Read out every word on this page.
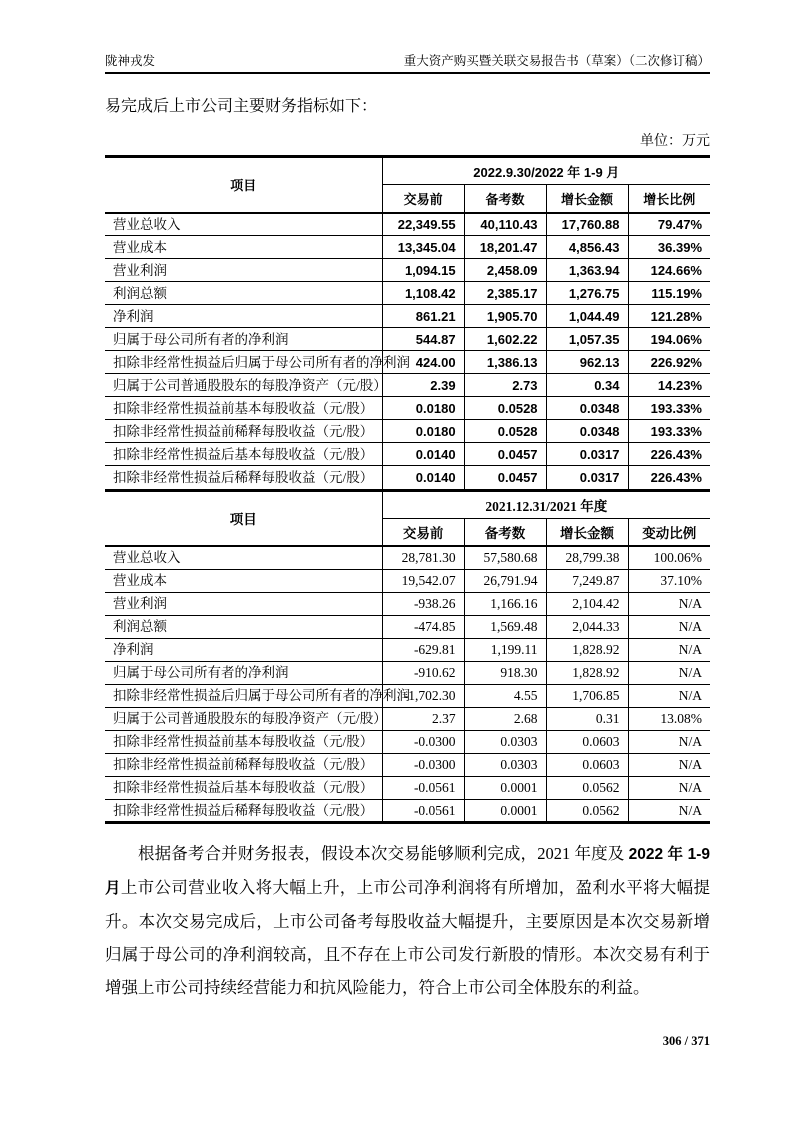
陇神戎发	重大资产购买暨关联交易报告书（草案）（二次修订稿）
易完成后上市公司主要财务指标如下：
单位：万元
项目	2022.9.30/2022 年 1-9 月			
	交易前	备考数	增长金额	增长比例
营业总收入	22,349.55	40,110.43	17,760.88	79.47%
营业成本	13,345.04	18,201.47	4,856.43	36.39%
营业利润	1,094.15	2,458.09	1,363.94	124.66%
利润总额	1,108.42	2,385.17	1,276.75	115.19%
净利润	861.21	1,905.70	1,044.49	121.28%
归属于母公司所有者的净利润	544.87	1,602.22	1,057.35	194.06%
扣除非经常性损益后归属于母公司所有者的净利润	424.00	1,386.13	962.13	226.92%
归属于公司普通股股东的每股净资产（元/股）	2.39	2.73	0.34	14.23%
扣除非经常性损益前基本每股收益（元/股）	0.0180	0.0528	0.0348	193.33%
扣除非经常性损益前稀释每股收益（元/股）	0.0180	0.0528	0.0348	193.33%
扣除非经常性损益后基本每股收益（元/股）	0.0140	0.0457	0.0317	226.43%
扣除非经常性损益后稀释每股收益（元/股）	0.0140	0.0457	0.0317	226.43%
项目	2021.12.31/2021 年度			
	交易前	备考数	增长金额	变动比例
营业总收入	28,781.30	57,580.68	28,799.38	100.06%
营业成本	19,542.07	26,791.94	7,249.87	37.10%
营业利润	-938.26	1,166.16	2,104.42	N/A
利润总额	-474.85	1,569.48	2,044.33	N/A
净利润	-629.81	1,199.11	1,828.92	N/A
归属于母公司所有者的净利润	-910.62	918.30	1,828.92	N/A
扣除非经常性损益后归属于母公司所有者的净利润	-1,702.30	4.55	1,706.85	N/A
归属于公司普通股股东的每股净资产（元/股）	2.37	2.68	0.31	13.08%
扣除非经常性损益前基本每股收益（元/股）	-0.0300	0.0303	0.0603	N/A
扣除非经常性损益前稀释每股收益（元/股）	-0.0300	0.0303	0.0603	N/A
扣除非经常性损益后基本每股收益（元/股）	-0.0561	0.0001	0.0562	N/A
扣除非经常性损益后稀释每股收益（元/股）	-0.0561	0.0001	0.0562	N/A

根据备考合并财务报表，假设本次交易能够顺利完成，2021 年度及 2022 年 1-9 月上市公司营业收入将大幅上升，上市公司净利润将有所增加，盈利水平将大幅提升。本次交易完成后，上市公司备考每股收益大幅提升，主要原因是本次交易新增归属于母公司的净利润较高，且不存在上市公司发行新股的情形。本次交易有利于增强上市公司持续经营能力和抗风险能力，符合上市公司全体股东的利益。

306 / 371
